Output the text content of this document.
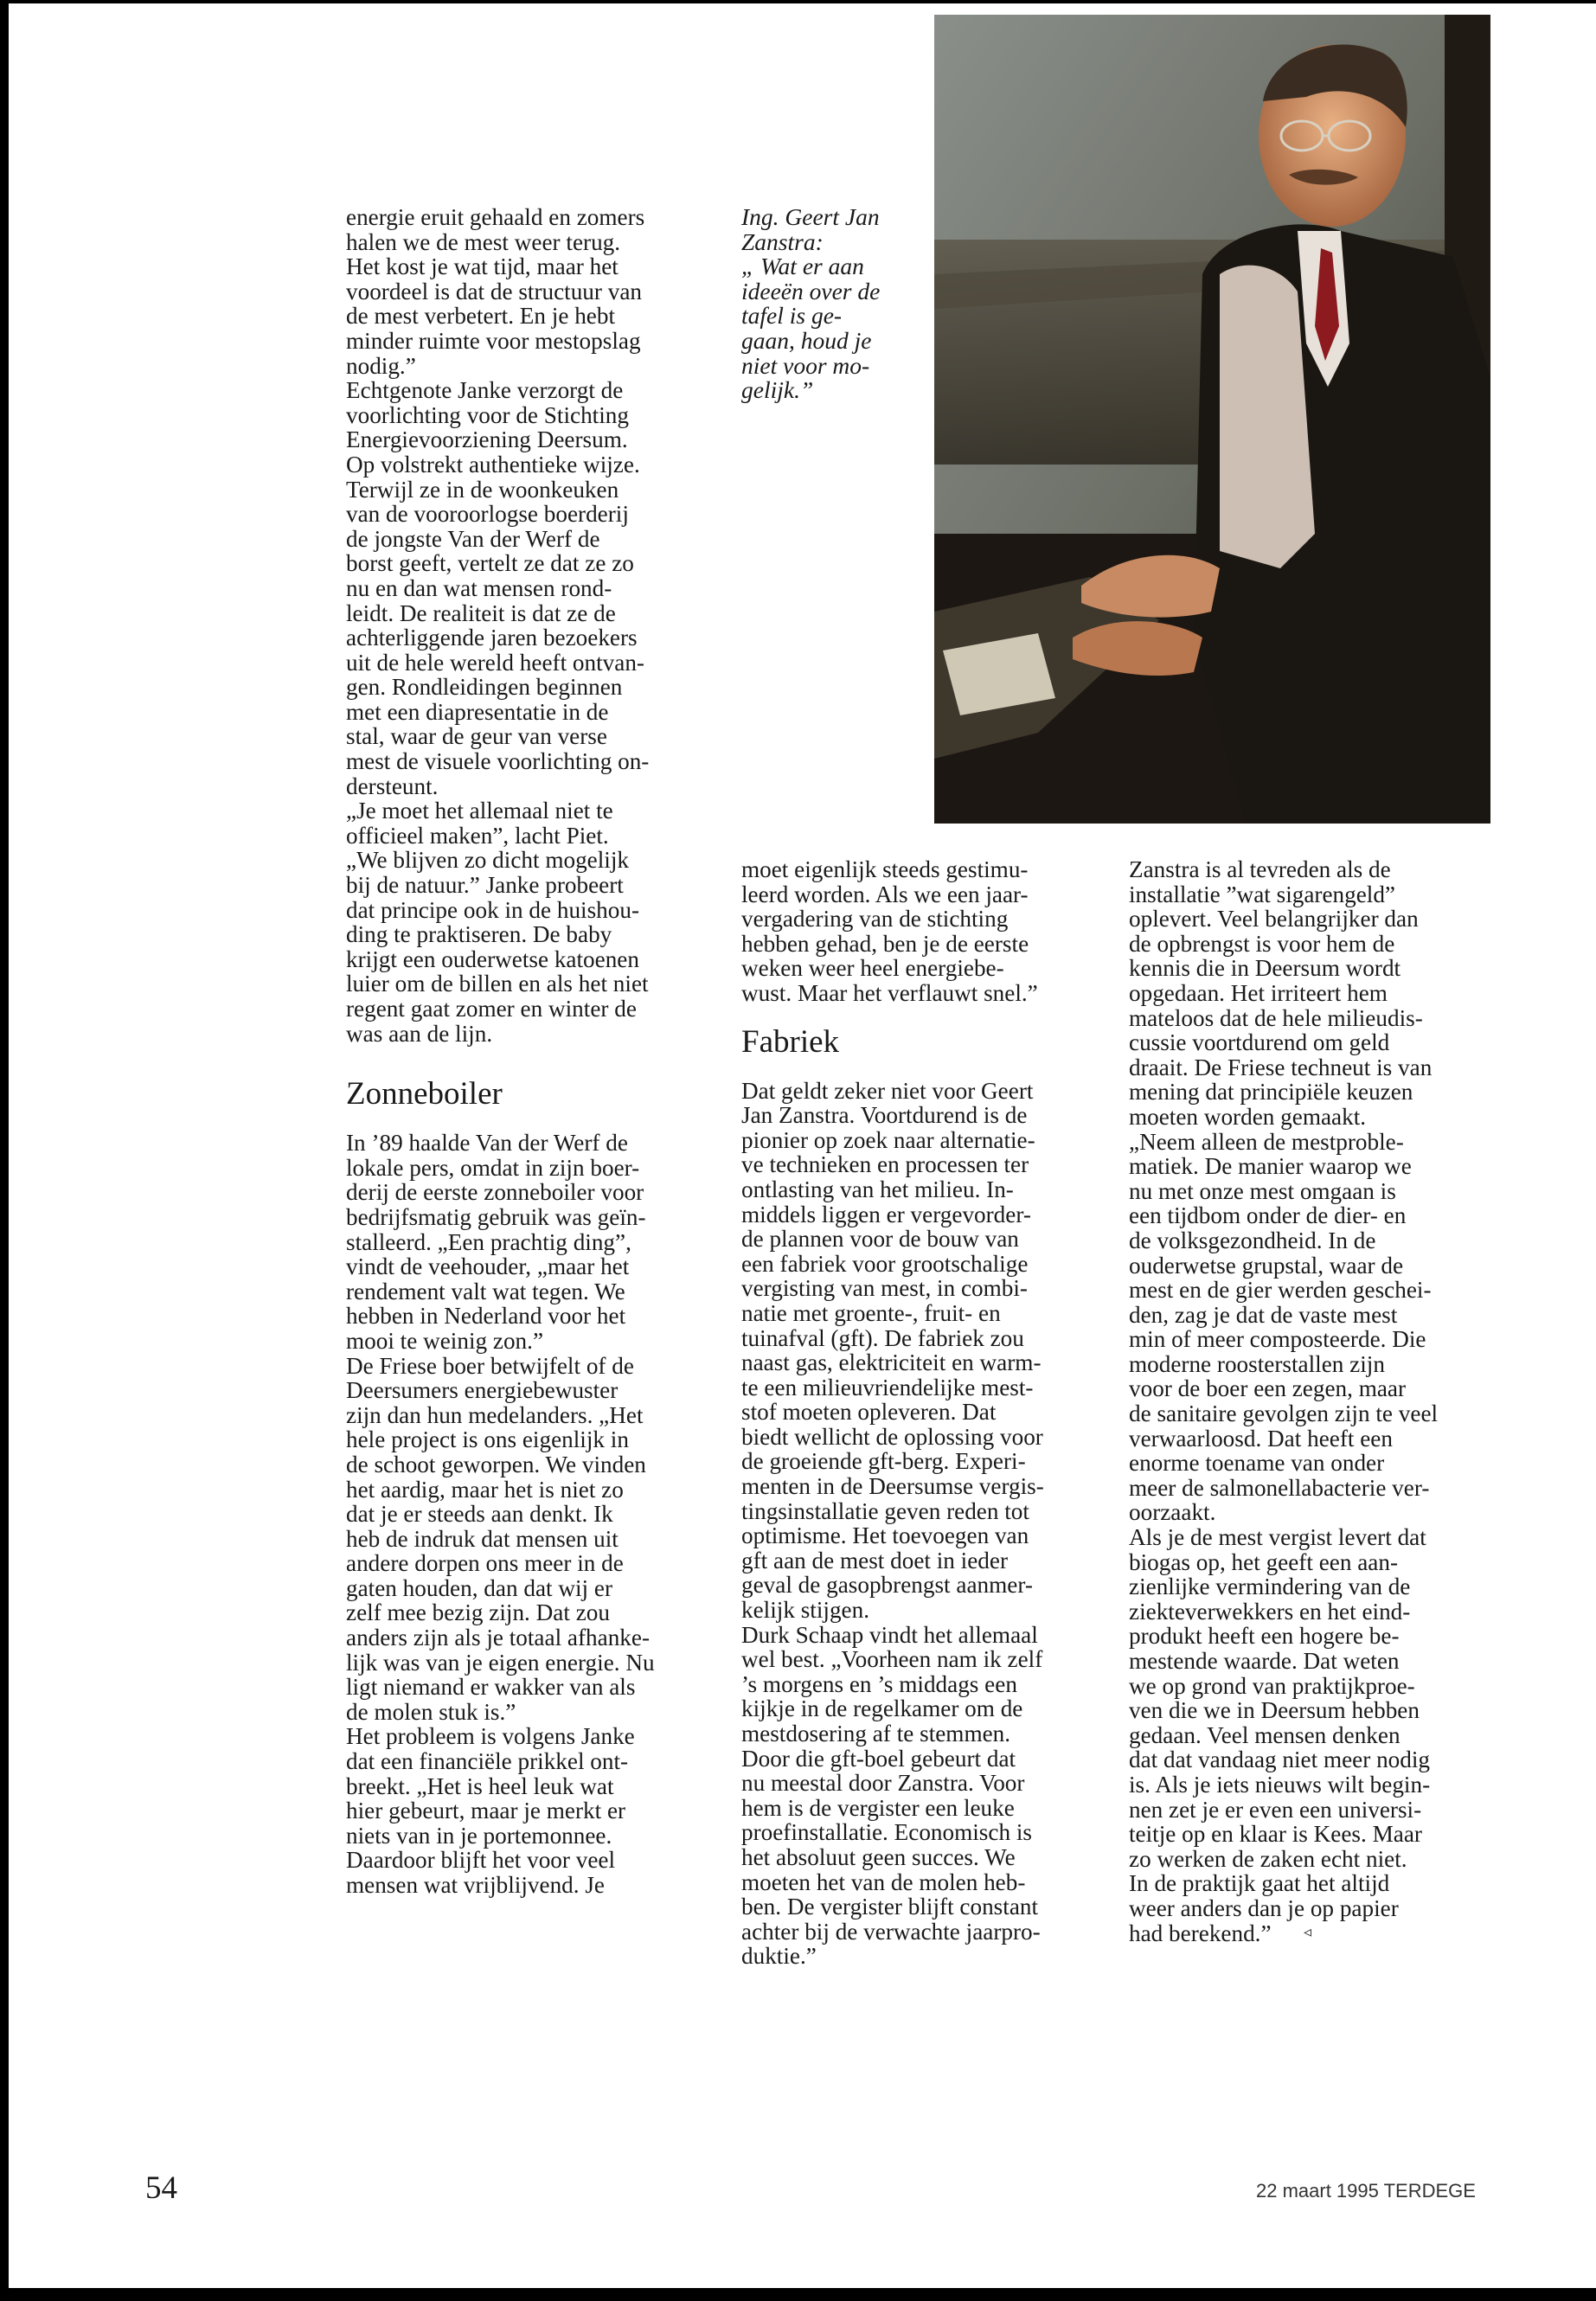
energie eruit gehaald en zomers

halen we de mest weer terug.

Het kost je wat tijd, maar het

voordeel is dat de structuur van

de mest verbetert. En je hebt

minder ruimte voor mestopslag

nodig.”

Echtgenote Janke verzorgt de

voorlichting voor de Stichting

Energievoorziening Deersum.

Op volstrekt authentieke wijze.

Terwijl ze in de woonkeuken

van de vooroorlogse boerderij

de jongste Van der Werf de

borst geeft, vertelt ze dat ze zo

nu en dan wat mensen rond-

leidt. De realiteit is dat ze de

achterliggende jaren bezoekers

uit de hele wereld heeft ontvan-

gen. Rondleidingen beginnen

met een diapresentatie in de

stal, waar de geur van verse

mest de visuele voorlichting on-

dersteunt.

„Je moet het allemaal niet te

officieel maken”, lacht Piet.

„We blijven zo dicht mogelijk

bij de natuur.” Janke probeert

dat principe ook in de huishou-

ding te praktiseren. De baby

krijgt een ouderwetse katoenen

luier om de billen en als het niet

regent gaat zomer en winter de

was aan de lijn.

Zonneboiler

In ’89 haalde Van der Werf de

lokale pers, omdat in zijn boer-

derij de eerste zonneboiler voor

bedrijfsmatig gebruik was geïn-

stalleerd. „Een prachtig ding”,

vindt de veehouder, „maar het

rendement valt wat tegen. We

hebben in Nederland voor het

mooi te weinig zon.”

De Friese boer betwijfelt of de

Deersumers energiebewuster

zijn dan hun medelanders. „Het

hele project is ons eigenlijk in

de schoot geworpen. We vinden

het aardig, maar het is niet zo

dat je er steeds aan denkt. Ik

heb de indruk dat mensen uit

andere dorpen ons meer in de

gaten houden, dan dat wij er

zelf mee bezig zijn. Dat zou

anders zijn als je totaal afhanke-

lijk was van je eigen energie. Nu

ligt niemand er wakker van als

de molen stuk is.”

Het probleem is volgens Janke

dat een financiële prikkel ont-

breekt. „Het is heel leuk wat

hier gebeurt, maar je merkt er

niets van in je portemonnee.

Daardoor blijft het voor veel

mensen wat vrijblijvend. Je

Ing. Geert Jan

Zanstra:

„ Wat er aan

ideeën over de

tafel is ge-

gaan, houd je

niet voor mo-

gelijk.”

moet eigenlijk steeds gestimu-

leerd worden. Als we een jaar-

vergadering van de stichting

hebben gehad, ben je de eerste

weken weer heel energiebe-

wust. Maar het verflauwt snel.”

Fabriek

Dat geldt zeker niet voor Geert

Jan Zanstra. Voortdurend is de

pionier op zoek naar alternatie-

ve technieken en processen ter

ontlasting van het milieu. In-

middels liggen er vergevorder-

de plannen voor de bouw van

een fabriek voor grootschalige

vergisting van mest, in combi-

natie met groente-, fruit- en

tuinafval (gft). De fabriek zou

naast gas, elektriciteit en warm-

te een milieuvriendelijke mest-

stof moeten opleveren. Dat

biedt wellicht de oplossing voor

de groeiende gft-berg. Experi-

menten in de Deersumse vergis-

tingsinstallatie geven reden tot

optimisme. Het toevoegen van

gft aan de mest doet in ieder

geval de gasopbrengst aanmer-

kelijk stijgen.

Durk Schaap vindt het allemaal

wel best. „Voorheen nam ik zelf

’s morgens en ’s middags een

kijkje in de regelkamer om de

mestdosering af te stemmen.

Door die gft-boel gebeurt dat

nu meestal door Zanstra. Voor

hem is de vergister een leuke

proefinstallatie. Economisch is

het absoluut geen succes. We

moeten het van de molen heb-

ben. De vergister blijft constant

achter bij de verwachte jaarpro-

duktie.”

Zanstra is al tevreden als de

installatie ”wat sigarengeld”

oplevert. Veel belangrijker dan

de opbrengst is voor hem de

kennis die in Deersum wordt

opgedaan. Het irriteert hem

mateloos dat de hele milieudis-

cussie voortdurend om geld

draait. De Friese techneut is van

mening dat principiële keuzen

moeten worden gemaakt.

„Neem alleen de mestproble-

matiek. De manier waarop we

nu met onze mest omgaan is

een tijdbom onder de dier- en

de volksgezondheid. In de

ouderwetse grupstal, waar de

mest en de gier werden geschei-

den, zag je dat de vaste mest

min of meer composteerde. Die

moderne roosterstallen zijn

voor de boer een zegen, maar

de sanitaire gevolgen zijn te veel

verwaarloosd. Dat heeft een

enorme toename van onder

meer de salmonellabacterie ver-

oorzaakt.

Als je de mest vergist levert dat

biogas op, het geeft een aan-

zienlijke vermindering van de

ziekteverwekkers en het eind-

produkt heeft een hogere be-

mestende waarde. Dat weten

we op grond van praktijkproe-

ven die we in Deersum hebben

gedaan. Veel mensen denken

dat dat vandaag niet meer nodig

is. Als je iets nieuws wilt begin-

nen zet je er even een universi-

teitje op en klaar is Kees. Maar

zo werken de zaken echt niet.

In de praktijk gaat het altijd

weer anders dan je op papier

had berekend.”	◃
54	22 maart 1995 TERDEGE
